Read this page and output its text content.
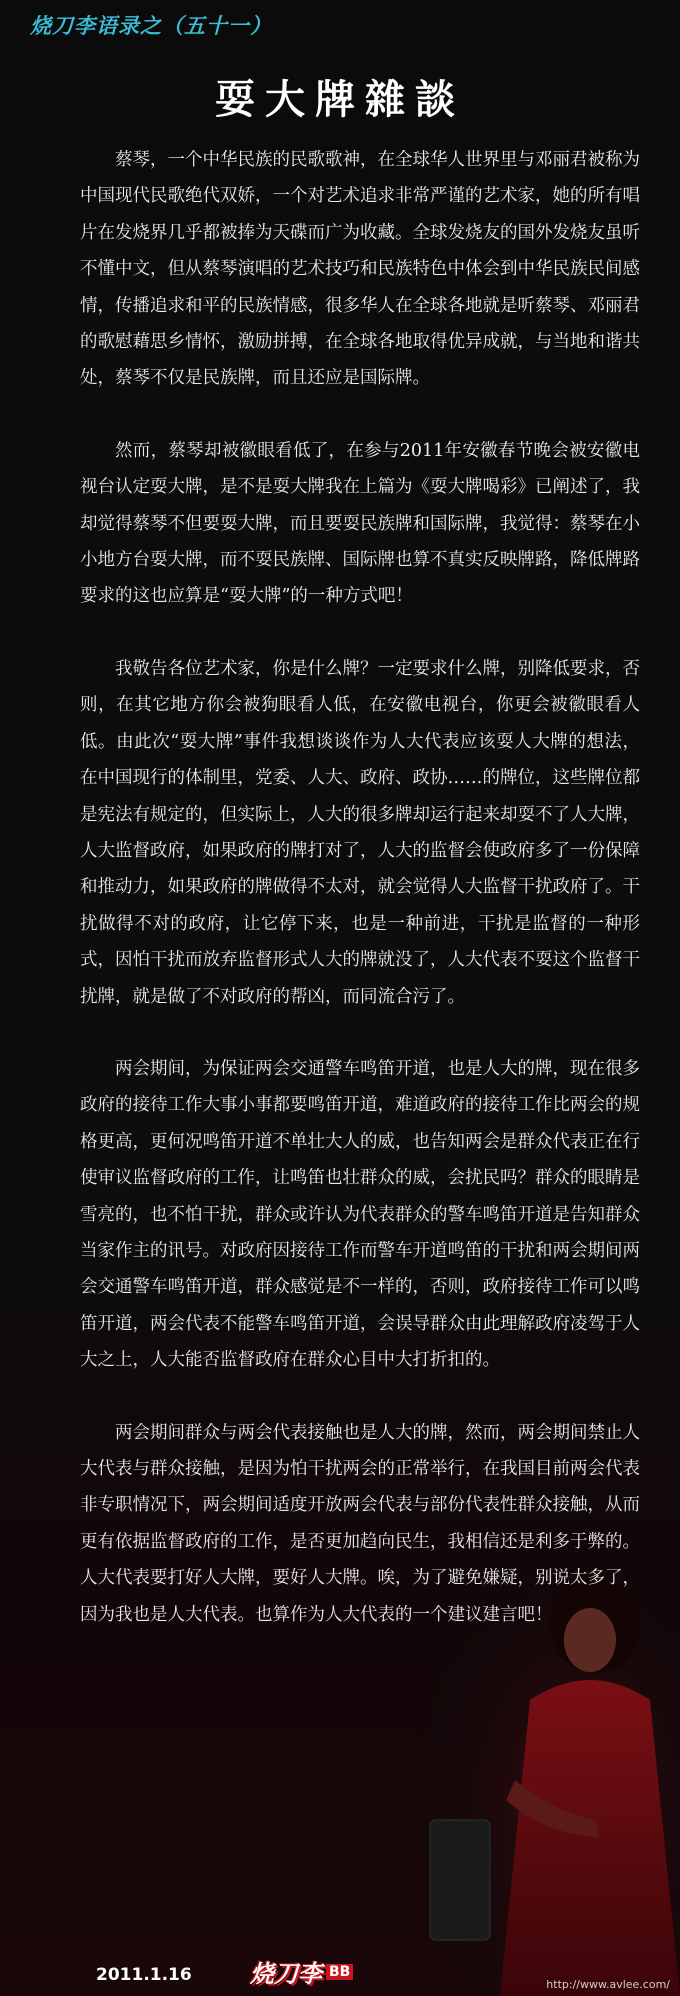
烧刀李语录之（五十一）
耍大牌雜談

蔡琴，一个中华民族的民歌歌神，在全球华人世界里与邓丽君被称为中国现代民歌绝代双娇，一个对艺术追求非常严谨的艺术家，她的所有唱片在发烧界几乎都被捧为天碟而广为收藏。全球发烧友的国外发烧友虽听不懂中文，但从蔡琴演唱的艺术技巧和民族特色中体会到中华民族民间感情，传播追求和平的民族情感，很多华人在全球各地就是听蔡琴、邓丽君的歌慰藉思乡情怀，激励拼搏，在全球各地取得优异成就，与当地和谐共处，蔡琴不仅是民族牌，而且还应是国际牌。

然而，蔡琴却被徽眼看低了，在参与2011年安徽春节晚会被安徽电视台认定耍大牌，是不是耍大牌我在上篇为《耍大牌喝彩》已阐述了，我却觉得蔡琴不但要耍大牌，而且要耍民族牌和国际牌，我觉得：蔡琴在小小地方台耍大牌，而不耍民族牌、国际牌也算不真实反映牌路，降低牌路要求的这也应算是“耍大牌”的一种方式吧！

我敬告各位艺术家，你是什么牌？一定要求什么牌，别降低要求，否则，在其它地方你会被狗眼看人低，在安徽电视台，你更会被徽眼看人低。由此次“耍大牌”事件我想谈谈作为人大代表应该耍人大牌的想法，在中国现行的体制里，党委、人大、政府、政协……的牌位，这些牌位都是宪法有规定的，但实际上，人大的很多牌却运行起来却耍不了人大牌，人大监督政府，如果政府的牌打对了，人大的监督会使政府多了一份保障和推动力，如果政府的牌做得不太对，就会觉得人大监督干扰政府了。干扰做得不对的政府，让它停下来，也是一种前进，干扰是监督的一种形式，因怕干扰而放弃监督形式人大的牌就没了，人大代表不耍这个监督干扰牌，就是做了不对政府的帮凶，而同流合污了。

两会期间，为保证两会交通警车鸣笛开道，也是人大的牌，现在很多政府的接待工作大事小事都要鸣笛开道，难道政府的接待工作比两会的规格更高，更何况鸣笛开道不单壮大人的威，也告知两会是群众代表正在行使审议监督政府的工作，让鸣笛也壮群众的威，会扰民吗？群众的眼睛是雪亮的，也不怕干扰，群众或许认为代表群众的警车鸣笛开道是告知群众当家作主的讯号。对政府因接待工作而警车开道鸣笛的干扰和两会期间两会交通警车鸣笛开道，群众感觉是不一样的，否则，政府接待工作可以鸣笛开道，两会代表不能警车鸣笛开道，会误导群众由此理解政府凌驾于人大之上，人大能否监督政府在群众心目中大打折扣的。

两会期间群众与两会代表接触也是人大的牌，然而，两会期间禁止人大代表与群众接触，是因为怕干扰两会的正常举行，在我国目前两会代表非专职情况下，两会期间适度开放两会代表与部份代表性群众接触，从而更有依据监督政府的工作，是否更加趋向民生，我相信还是利多于弊的。人大代表要打好人大牌，要好人大牌。唉，为了避免嫌疑，别说太多了，因为我也是人大代表。也算作为人大代表的一个建议建言吧！

2011.1.16 烧刀李 BB
http://www.avlee.com/
